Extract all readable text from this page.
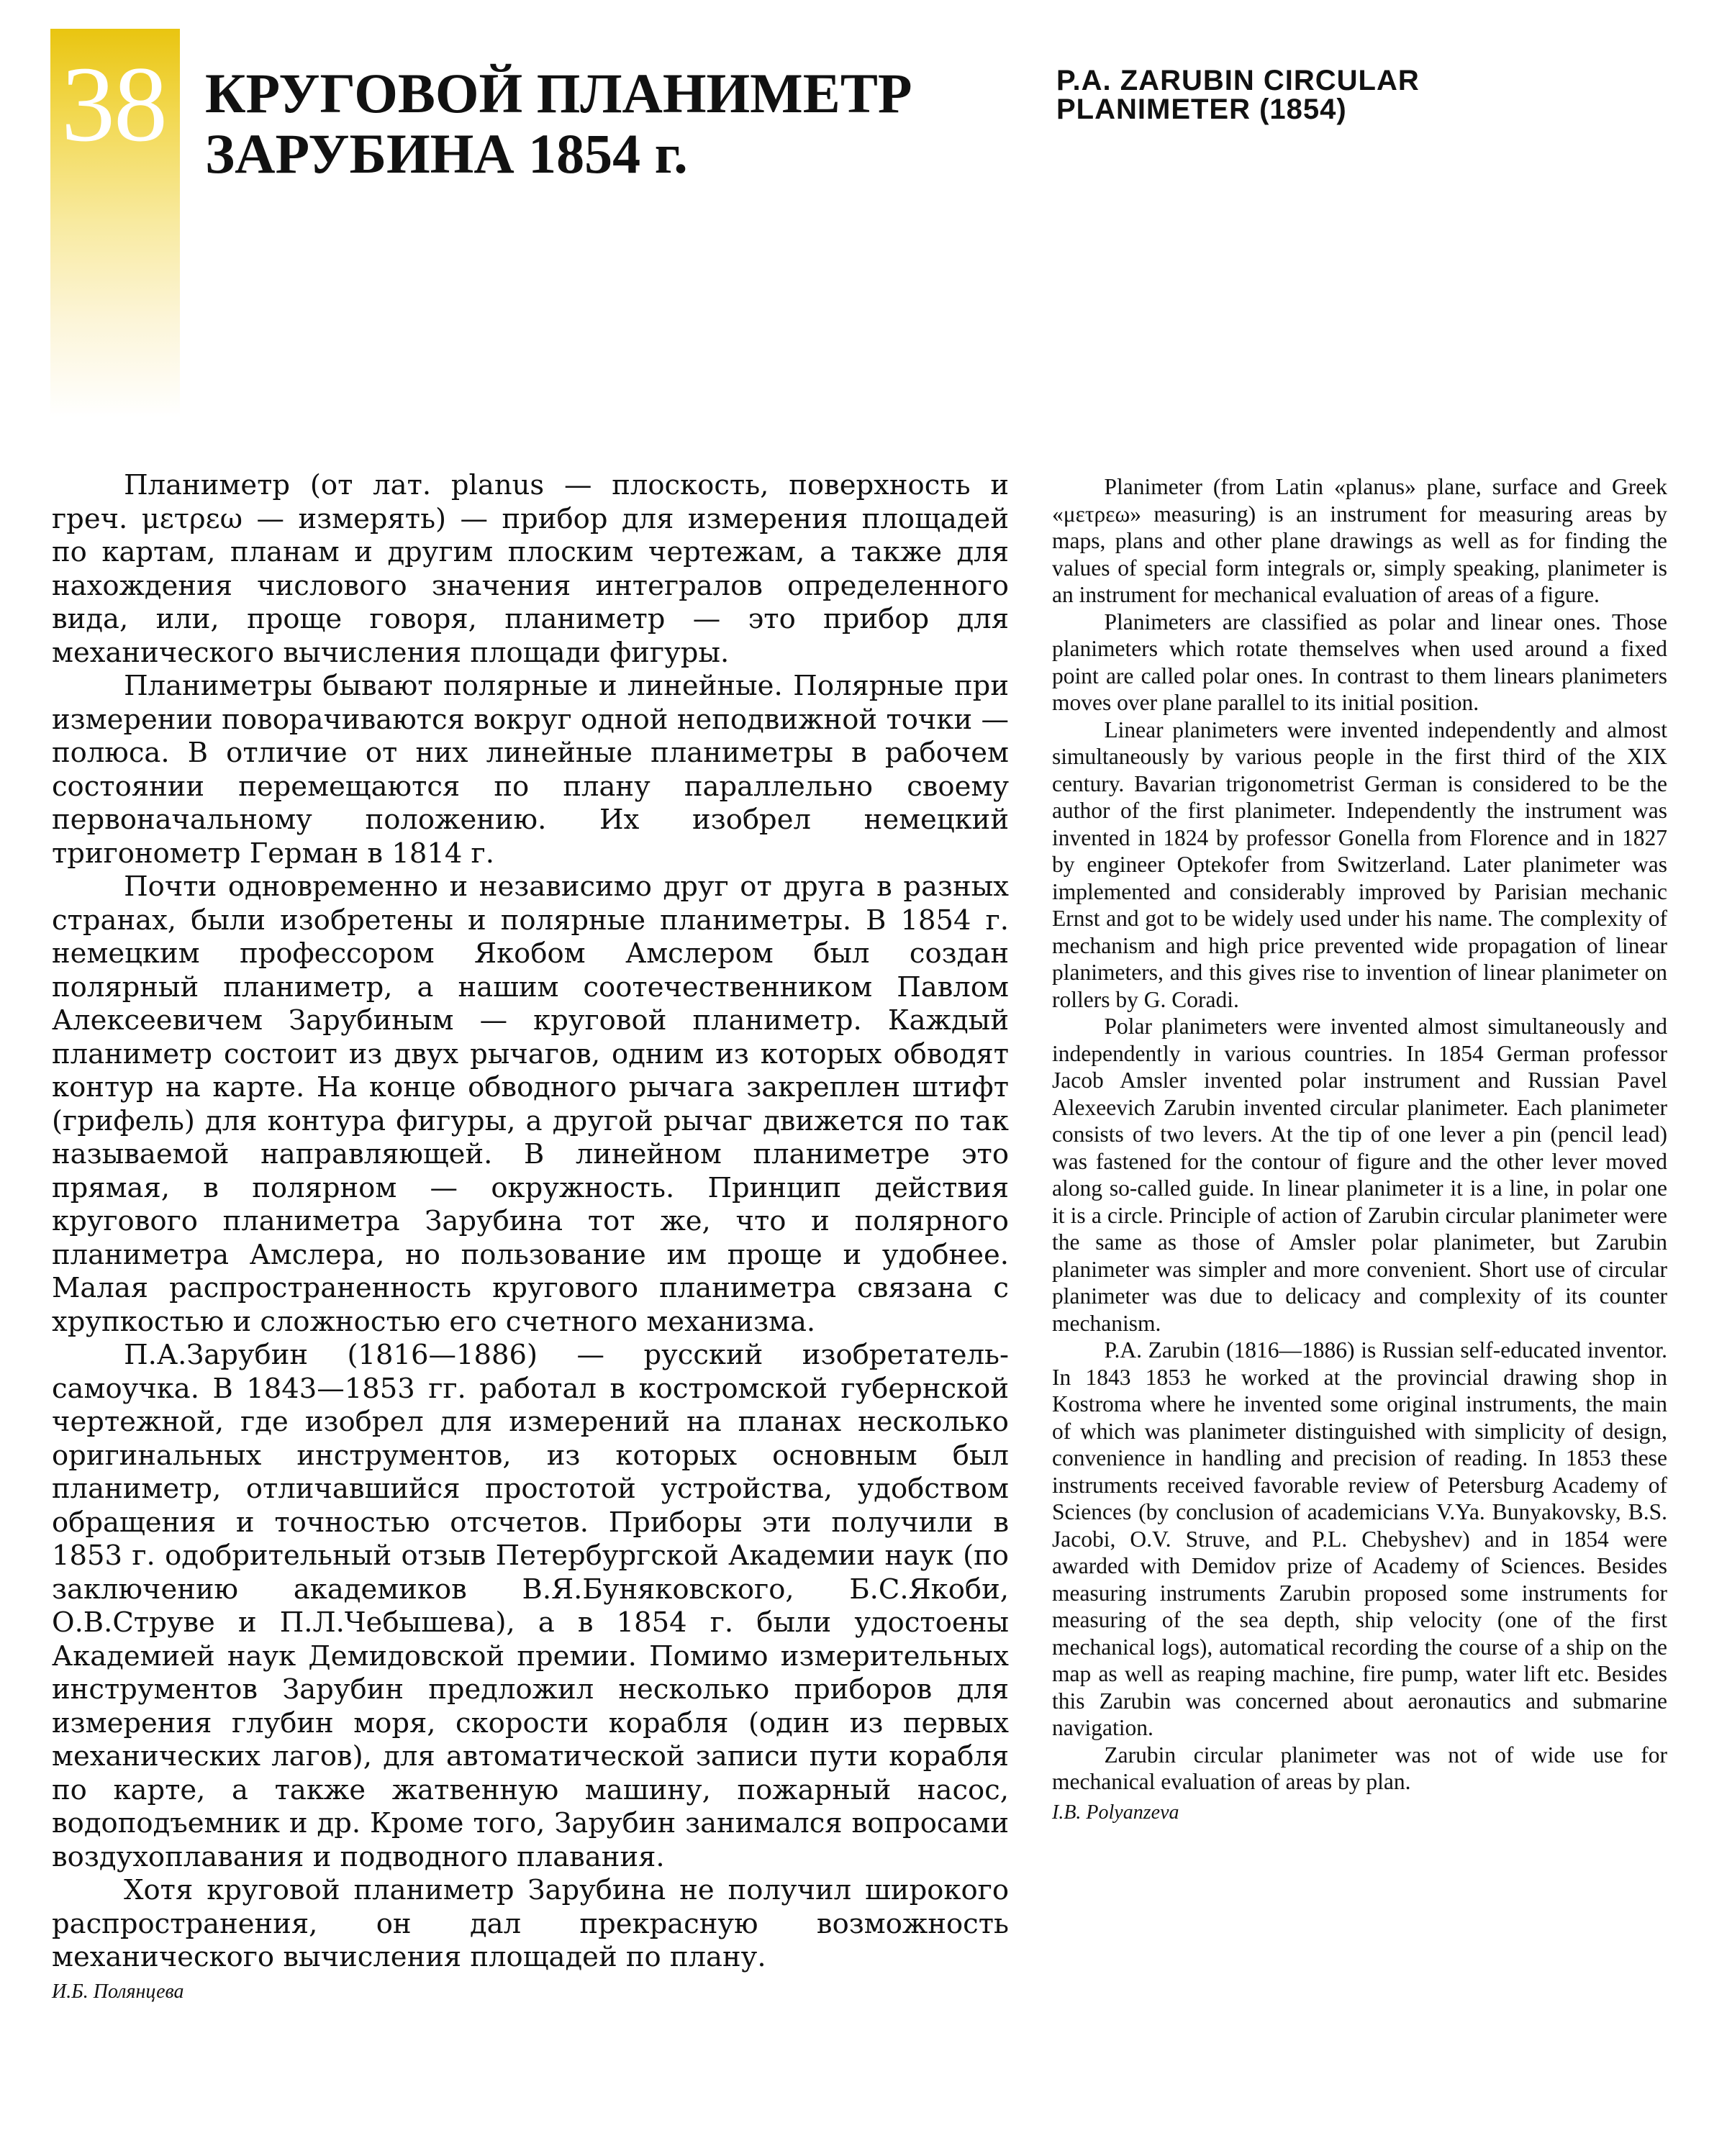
38 КРУГОВОЙ ПЛАНИМЕТР
ЗАРУБИНА 1854 г.
P.A. ZARUBIN CIRCULAR
PLANIMETER (1854)

Планиметр (от лат. planus — плоскость, поверхность и греч. μετρεω — измерять) — прибор для измерения площадей по картам, планам и другим плоским чертежам, а также для нахождения числового значения интегралов определенного вида, или, проще говоря, планиметр — это прибор для механического вычисления площади фигуры.

Планиметры бывают полярные и линейные. Полярные при измерении поворачиваются вокруг одной неподвижной точки — полюса. В отличие от них линейные планиметры в рабочем состоянии перемещаются по плану параллельно своему первоначальному положению. Их изобрел немецкий тригонометр Герман в 1814 г.

Почти одновременно и независимо друг от друга в разных странах, были изобретены и полярные планиметры. В 1854 г. немецким профессором Якобом Амслером был создан полярный планиметр, а нашим соотечественником Павлом Алексеевичем Зарубиным — круговой планиметр. Каждый планиметр состоит из двух рычагов, одним из которых обводят контур на карте. На конце обводного рычага закреплен штифт (грифель) для контура фигуры, а другой рычаг движется по так называемой направляющей. В линейном планиметре это прямая, в полярном — окружность. Принцип действия кругового планиметра Зарубина тот же, что и полярного планиметра Амслера, но пользование им проще и удобнее. Малая распространенность кругового планиметра связана с хрупкостью и сложностью его счетного механизма.

П.А.Зарубин (1816—1886) — русский изобретатель-самоучка. В 1843—1853 гг. работал в костромской губернской чертежной, где изобрел для измерений на планах несколько оригинальных инструментов, из которых основным был планиметр, отличавшийся простотой устройства, удобством обращения и точностью отсчетов. Приборы эти получили в 1853 г. одобрительный отзыв Петербургской Академии наук (по заключению академиков В.Я.Буняковского, Б.С.Якоби, О.В.Струве и П.Л.Чебышева), а в 1854 г. были удостоены Академией наук Демидовской премии. Помимо измерительных инструментов Зарубин предложил несколько приборов для измерения глубин моря, скорости корабля (один из первых механических лагов), для автоматической записи пути корабля по карте, а также жатвенную машину, пожарный насос, водоподъемник и др. Кроме того, Зарубин занимался вопросами воздухоплавания и подводного плавания.

Хотя круговой планиметр Зарубина не получил широкого распространения, он дал прекрасную возможность механического вычисления площадей по плану.

И.Б. Полянцева

Planimeter (from Latin «planus» plane, surface and Greek «μετρεω» measuring) is an instrument for measuring areas by maps, plans and other plane drawings as well as for finding the values of special form integrals or, simply speaking, planimeter is an instrument for mechanical evaluation of areas of a figure.

Planimeters are classified as polar and linear ones. Those planimeters which rotate themselves when used around a fixed point are called polar ones. In contrast to them linears planimeters moves over plane parallel to its initial position.

Linear planimeters were invented independently and almost simultaneously by various people in the first third of the XIX century. Bavarian trigonometrist German is considered to be the author of the first planimeter. Independently the instrument was invented in 1824 by professor Gonella from Florence and in 1827 by engineer Optekofer from Switzerland. Later planimeter was implemented and considerably improved by Parisian mechanic Ernst and got to be widely used under his name. The complexity of mechanism and high price prevented wide propagation of linear planimeters, and this gives rise to invention of linear planimeter on rollers by G. Coradi.

Polar planimeters were invented almost simultaneously and independently in various countries. In 1854 German professor Jacob Amsler invented polar instrument and Russian Pavel Alexeevich Zarubin invented circular planimeter. Each planimeter consists of two levers. At the tip of one lever a pin (pencil lead) was fastened for the contour of figure and the other lever moved along so-called guide. In linear planimeter it is a line, in polar one it is a circle. Principle of action of Zarubin circular planimeter were the same as those of Amsler polar planimeter, but Zarubin planimeter was simpler and more convenient. Short use of circular planimeter was due to delicacy and complexity of its counter mechanism.

P.A. Zarubin (1816—1886) is Russian self-educated inventor. In 1843 1853 he worked at the provincial drawing shop in Kostroma where he invented some original instruments, the main of which was planimeter distinguished with simplicity of design, convenience in handling and precision of reading. In 1853 these instruments received favorable review of Petersburg Academy of Sciences (by conclusion of academicians V.Ya. Bunyakovsky, B.S. Jacobi, O.V. Struve, and P.L. Chebyshev) and in 1854 were awarded with Demidov prize of Academy of Sciences. Besides measuring instruments Zarubin proposed some instruments for measuring of the sea depth, ship velocity (one of the first mechanical logs), automatical recording the course of a ship on the map as well as reaping machine, fire pump, water lift etc. Besides this Zarubin was concerned about aeronautics and submarine navigation.

Zarubin circular planimeter was not of wide use for mechanical evaluation of areas by plan.

I.B. Polyanzeva
